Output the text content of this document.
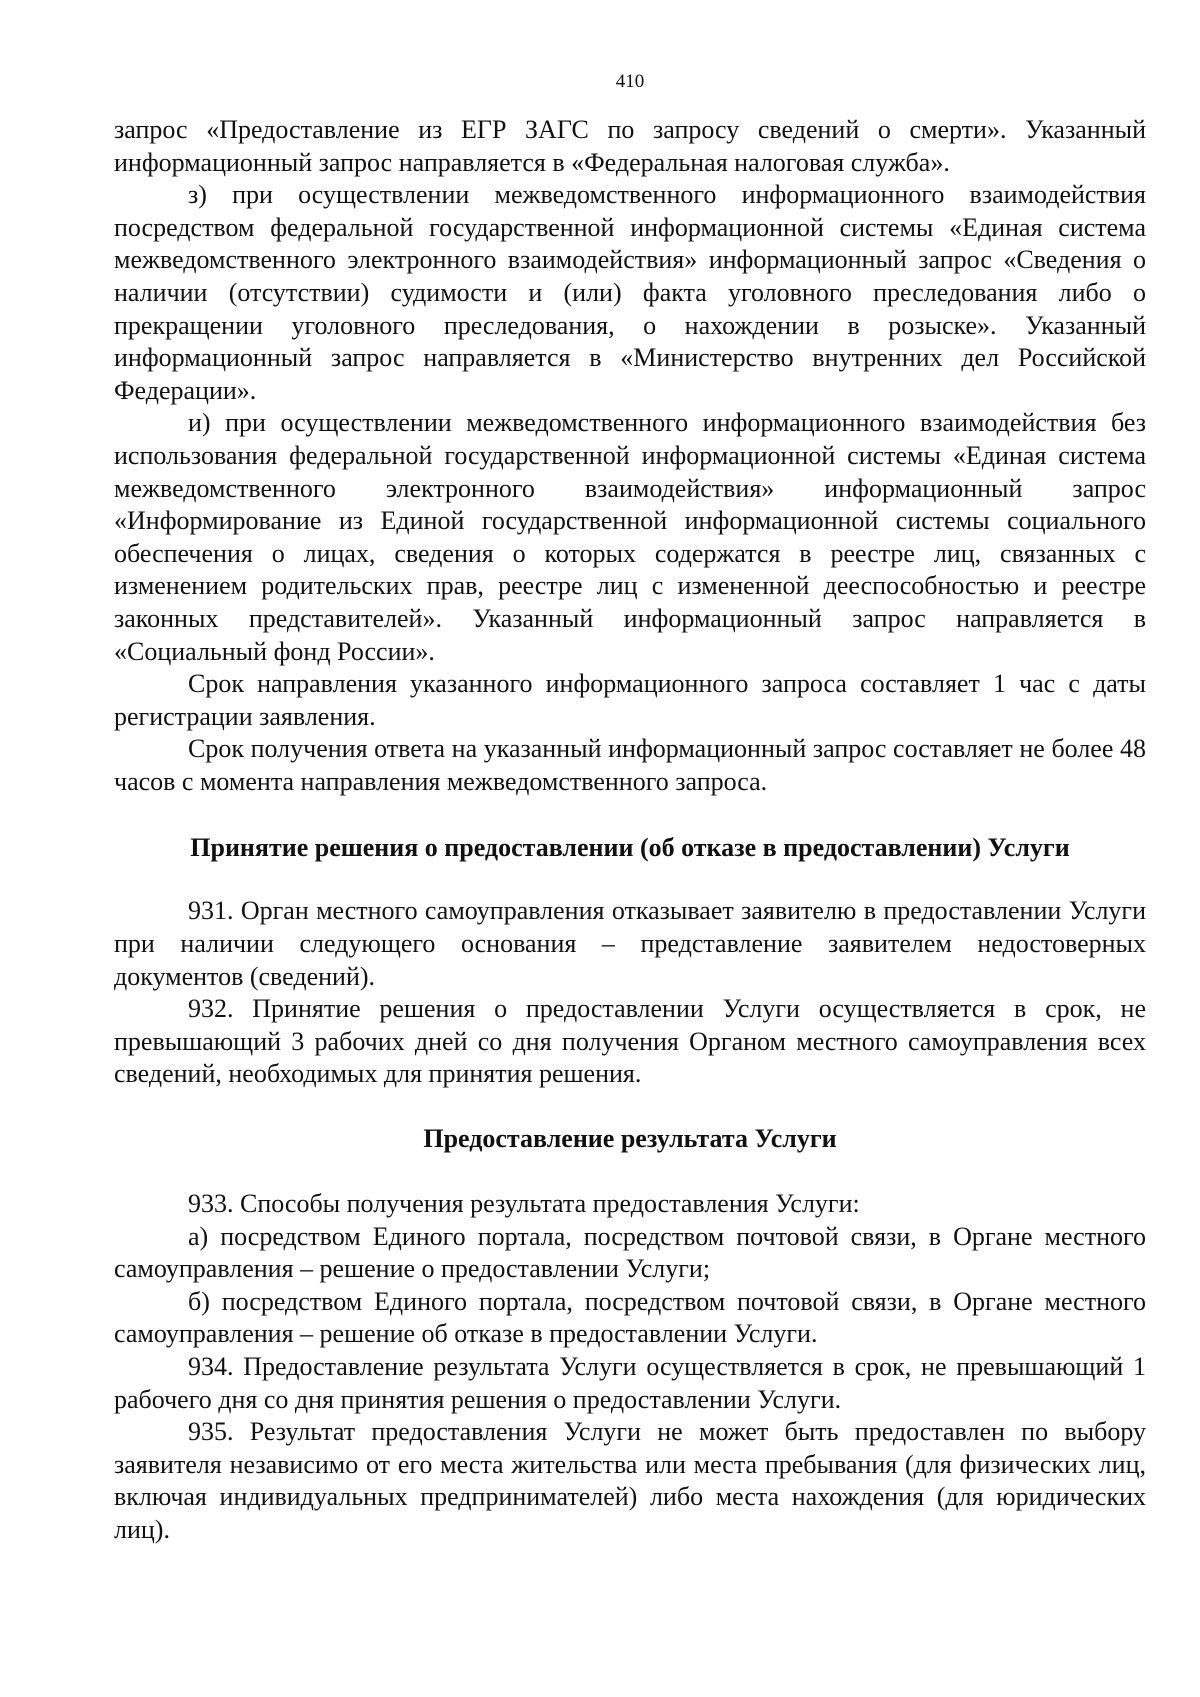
410

запрос «Предоставление из ЕГР ЗАГС по запросу сведений о смерти». Указанный информационный запрос направляется в «Федеральная налоговая служба».

з) при осуществлении межведомственного информационного взаимодействия посредством федеральной государственной информационной системы «Единая система межведомственного электронного взаимодействия» информационный запрос «Сведения о наличии (отсутствии) судимости и (или) факта уголовного преследования либо о прекращении уголовного преследования, о нахождении в розыске». Указанный информационный запрос направляется в «Министерство внутренних дел Российской Федерации».

и) при осуществлении межведомственного информационного взаимодействия без использования федеральной государственной информационной системы «Единая система межведомственного электронного взаимодействия» информационный запрос «Информирование из Единой государственной информационной системы социального обеспечения о лицах, сведения о которых содержатся в реестре лиц, связанных с изменением родительских прав, реестре лиц с измененной дееспособностью и реестре законных представителей». Указанный информационный запрос направляется в «Социальный фонд России».

Срок направления указанного информационного запроса составляет 1 час с даты регистрации заявления.

Срок получения ответа на указанный информационный запрос составляет не более 48 часов с момента направления межведомственного запроса.

Принятие решения о предоставлении (об отказе в предоставлении) Услуги

931. Орган местного самоуправления отказывает заявителю в предоставлении Услуги при наличии следующего основания – представление заявителем недостоверных документов (сведений).

932. Принятие решения о предоставлении Услуги осуществляется в срок, не превышающий 3 рабочих дней со дня получения Органом местного самоуправления всех сведений, необходимых для принятия решения.

Предоставление результата Услуги

933. Способы получения результата предоставления Услуги:

а) посредством Единого портала, посредством почтовой связи, в Органе местного самоуправления – решение о предоставлении Услуги;

б) посредством Единого портала, посредством почтовой связи, в Органе местного самоуправления – решение об отказе в предоставлении Услуги.

934. Предоставление результата Услуги осуществляется в срок, не превышающий 1 рабочего дня со дня принятия решения о предоставлении Услуги.

935. Результат предоставления Услуги не может быть предоставлен по выбору заявителя независимо от его места жительства или места пребывания (для физических лиц, включая индивидуальных предпринимателей) либо места нахождения (для юридических лиц).
